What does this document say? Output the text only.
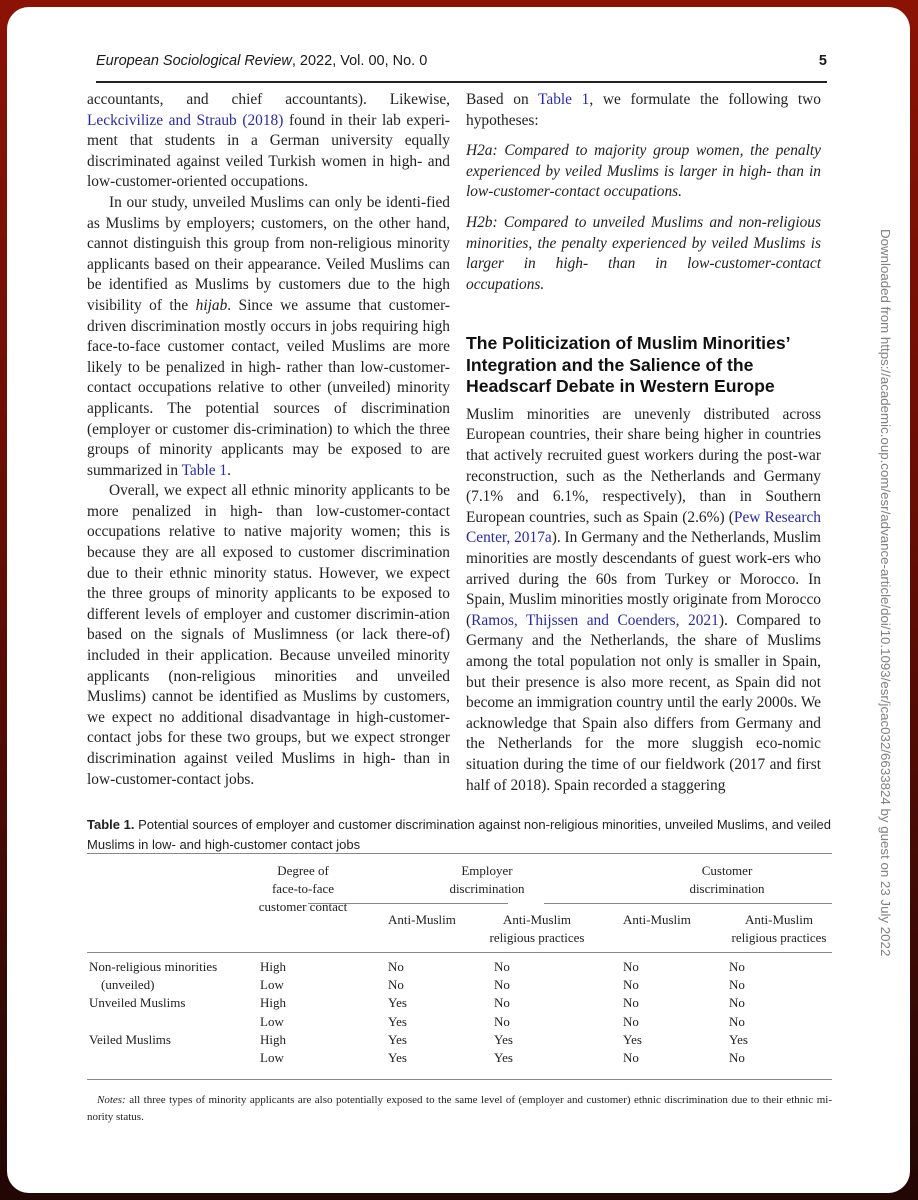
European Sociological Review, 2022, Vol. 00, No. 0	5

accountants, and chief accountants). Likewise, Leckcivilize and Straub (2018) found in their lab experi-ment that students in a German university equally discriminated against veiled Turkish women in high- and low-customer-oriented occupations.

In our study, unveiled Muslims can only be identi-fied as Muslims by employers; customers, on the other hand, cannot distinguish this group from non-religious minority applicants based on their appearance. Veiled Muslims can be identified as Muslims by customers due to the high visibility of the hijab. Since we assume that customer-driven discrimination mostly occurs in jobs requiring high face-to-face customer contact, veiled Muslims are more likely to be penalized in high- rather than low-customer-contact occupations relative to other (unveiled) minority applicants. The potential sources of discrimination (employer or customer dis-crimination) to which the three groups of minority applicants may be exposed to are summarized in Table 1.

Overall, we expect all ethnic minority applicants to be more penalized in high- than low-customer-contact occupations relative to native majority women; this is because they are all exposed to customer discrimination due to their ethnic minority status. However, we expect the three groups of minority applicants to be exposed to different levels of employer and customer discrimin-ation based on the signals of Muslimness (or lack there-of) included in their application. Because unveiled minority applicants (non-religious minorities and unveiled Muslims) cannot be identified as Muslims by customers, we expect no additional disadvantage in high-customer-contact jobs for these two groups, but we expect stronger discrimination against veiled Muslims in high- than in low-customer-contact jobs.

Based on Table 1, we formulate the following two hypotheses:

H2a: Compared to majority group women, the penalty experienced by veiled Muslims is larger in high- than in low-customer-contact occupations.

H2b: Compared to unveiled Muslims and non-religious minorities, the penalty experienced by veiled Muslims is larger in high- than in low-customer-contact occupations.

The Politicization of Muslim Minorities’ Integration and the Salience of the Headscarf Debate in Western Europe

Muslim minorities are unevenly distributed across European countries, their share being higher in countries that actively recruited guest workers during the post-war reconstruction, such as the Netherlands and Germany (7.1% and 6.1%, respectively), than in Southern European countries, such as Spain (2.6%) (Pew Research Center, 2017a). In Germany and the Netherlands, Muslim minorities are mostly descendants of guest work-ers who arrived during the 60s from Turkey or Morocco. In Spain, Muslim minorities mostly originate from Morocco (Ramos, Thijssen and Coenders, 2021). Compared to Germany and the Netherlands, the share of Muslims among the total population not only is smaller in Spain, but their presence is also more recent, as Spain did not become an immigration country until the early 2000s. We acknowledge that Spain also differs from Germany and the Netherlands for the more sluggish eco-nomic situation during the time of our fieldwork (2017 and first half of 2018). Spain recorded a staggering

Table 1. Potential sources of employer and customer discrimination against non-religious minorities, unveiled Muslims, and veiled Muslims in low- and high-customer contact jobs
Degree of
face-to-face
customer contact
Employer
discrimination
Customer
discrimination
Anti-Muslim	Anti-Muslim
religious practices
Anti-Muslim	Anti-Muslim
religious practices
Non-religious minorities	High	No	No	No	No
(unveiled)	Low	No	No	No	No
Unveiled Muslims	High	Yes	No	No	No
Low	Yes	No	No	No
Veiled Muslims	High	Yes	Yes	Yes	Yes
Low	Yes	Yes	No	No
Notes: all three types of minority applicants are also potentially exposed to the same level of (employer and customer) ethnic discrimination due to their ethnic mi-nority status.
Downloaded from https://academic.oup.com/esr/advance-article/doi/10.1093/esr/jcac032/6633824 by guest on 23 July 2022
